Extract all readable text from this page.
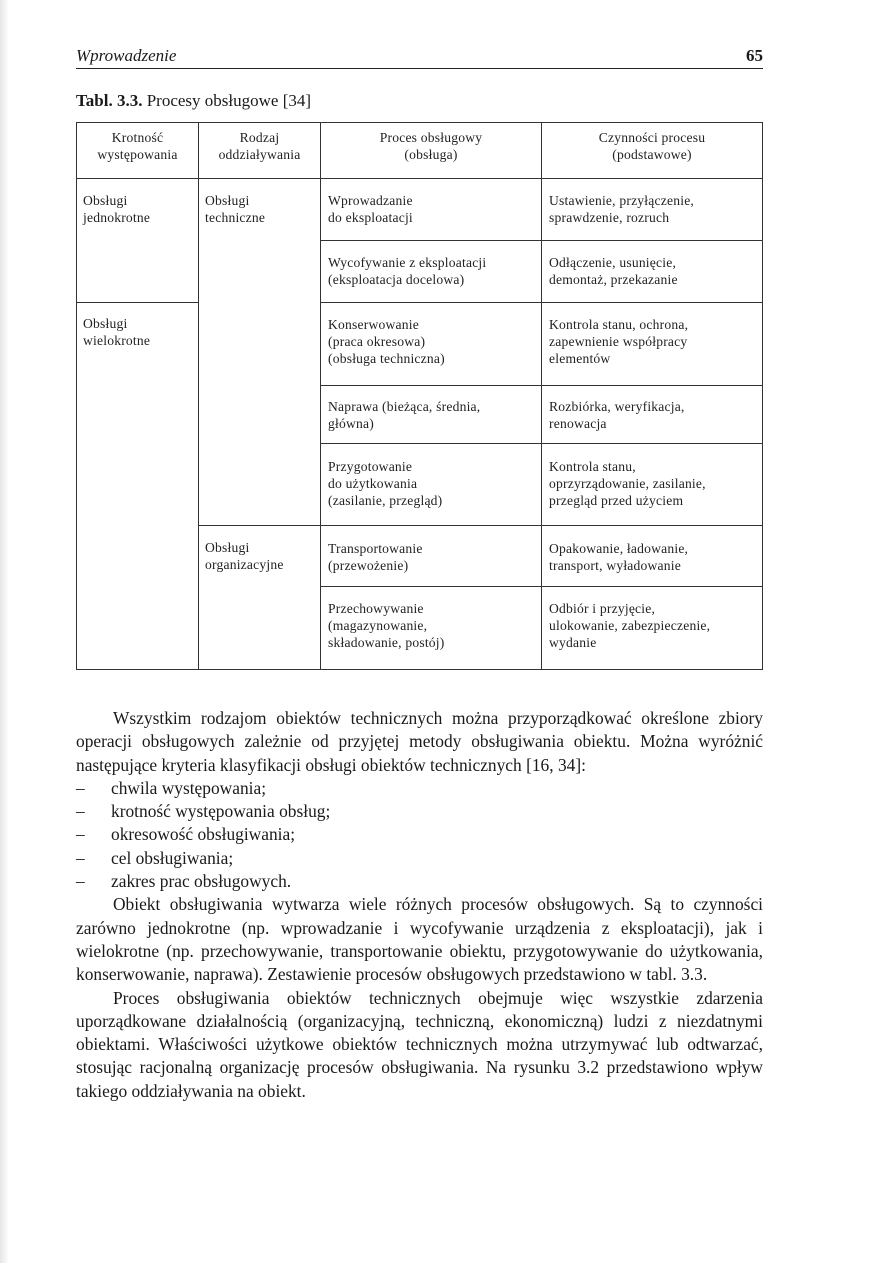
Wprowadzenie	65
Tabl. 3.3. Procesy obsługowe [34]
Krotność
występowania
Rodzaj
oddziaływania
Proces obsługowy
(obsługa)
Czynności procesu
(podstawowe)
Obsługi
jednokrotne
Obsługi
wielokrotne
Obsługi
techniczne
Obsługi
organizacyjne
Wprowadzanie
do eksploatacji
Wycofywanie z eksploatacji
(eksploatacja docelowa)
Konserwowanie
(praca okresowa)
(obsługa techniczna)
Naprawa (bieżąca, średnia,
główna)
Przygotowanie
do użytkowania
(zasilanie, przegląd)
Transportowanie
(przewożenie)
Przechowywanie
(magazynowanie,
składowanie, postój)
Ustawienie, przyłączenie,
sprawdzenie, rozruch
Odłączenie, usunięcie,
demontaż, przekazanie
Kontrola stanu, ochrona,
zapewnienie współpracy
elementów
Rozbiórka, weryfikacja,
renowacja
Kontrola stanu,
oprzyrządowanie, zasilanie,
przegląd przed użyciem
Opakowanie, ładowanie,
transport, wyładowanie
Odbiór i przyjęcie,
ulokowanie, zabezpieczenie,
wydanie

Wszystkim rodzajom obiektów technicznych można przyporządkować określone zbiory operacji obsługowych zależnie od przyjętej metody obsługiwania obiektu. Można wyróżnić następujące kryteria klasyfikacji obsługi obiektów technicznych [16, 34]:

– chwila występowania;
– krotność występowania obsług;
– okresowość obsługiwania;
– cel obsługiwania;
– zakres prac obsługowych.

Obiekt obsługiwania wytwarza wiele różnych procesów obsługowych. Są to czynności zarówno jednokrotne (np. wprowadzanie i wycofywanie urządzenia z eksploatacji), jak i wielokrotne (np. przechowywanie, transportowanie obiektu, przygotowywanie do użytkowania, konserwowanie, naprawa). Zestawienie procesów obsługowych przedstawiono w tabl. 3.3.

Proces obsługiwania obiektów technicznych obejmuje więc wszystkie zdarzenia uporządkowane działalnością (organizacyjną, techniczną, ekonomiczną) ludzi z niezdatnymi obiektami. Właściwości użytkowe obiektów technicznych można utrzymywać lub odtwarzać, stosując racjonalną organizację procesów obsługiwania. Na rysunku 3.2 przedstawiono wpływ takiego oddziaływania na obiekt.
